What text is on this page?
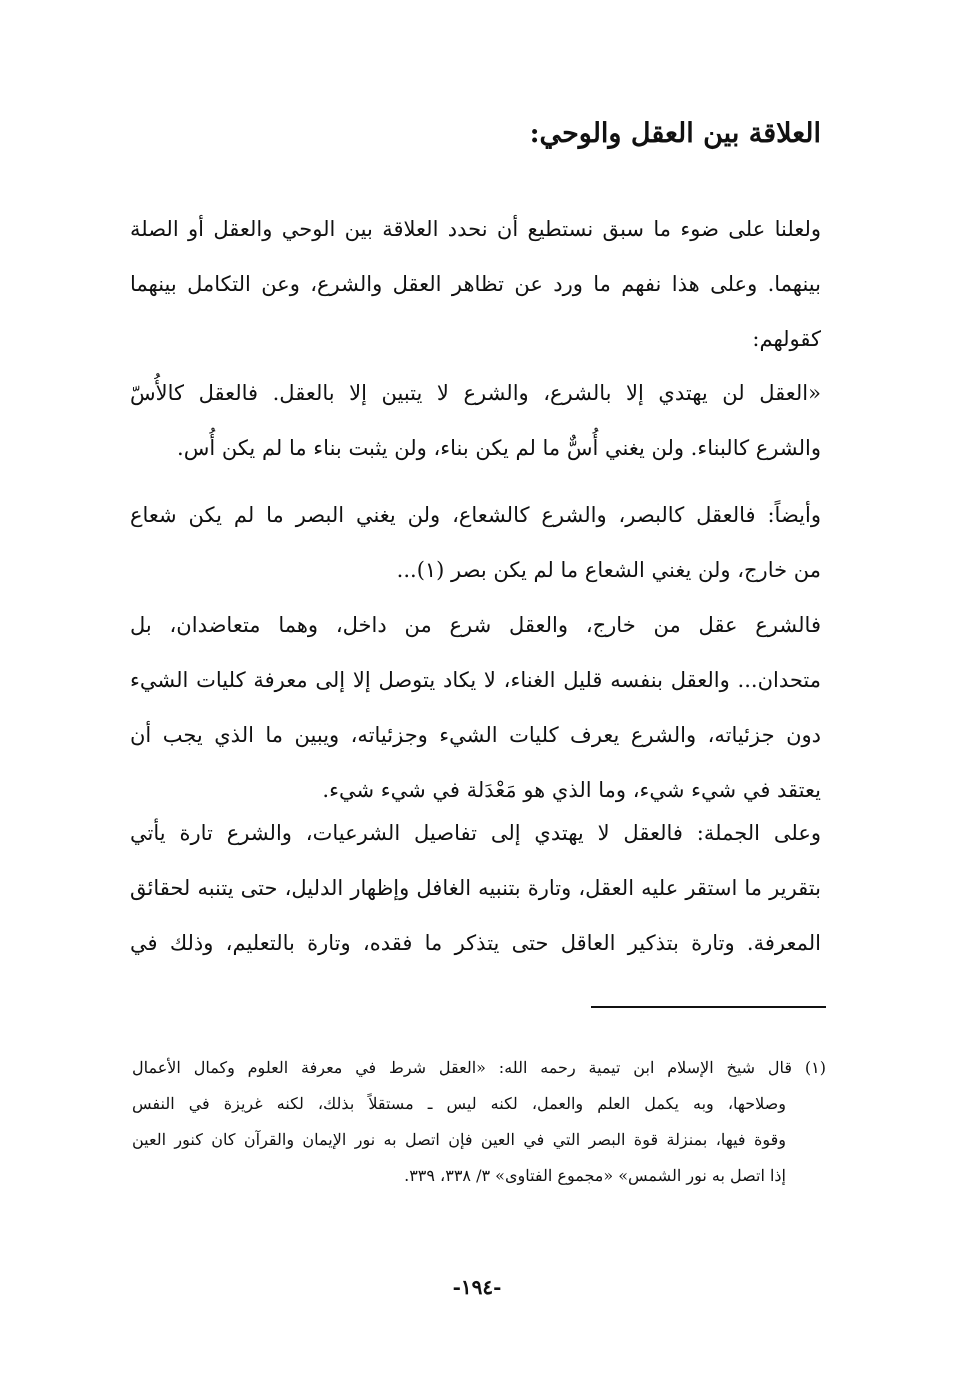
العلاقة بين العقل والوحي:
ولعلنا على ضوء ما سبق نستطيع أن نحدد العلاقة بين الوحي والعقل أو الصلة
بينهما. وعلى هذا نفهم ما ورد عن تظاهر العقل والشرع، وعن التكامل بينهما
كقولهم:
«العقل لن يهتدي إلا بالشرع، والشرع لا يتبين إلا بالعقل. فالعقل كالأُسّ
والشرع كالبناء. ولن يغني أُسٌّ ما لم يكن بناء، ولن يثبت بناء ما لم يكن أُس.
وأيضاً: فالعقل كالبصر، والشرع كالشعاع، ولن يغني البصر ما لم يكن شعاع
من خارج، ولن يغني الشعاع ما لم يكن بصر (١)...
فالشرع عقل من خارج، والعقل شرع من داخل، وهما متعاضدان، بل
متحدان... والعقل بنفسه قليل الغناء، لا يكاد يتوصل إلا إلى معرفة كليات الشيء
دون جزئياته، والشرع يعرف كليات الشيء وجزئياته، ويبين ما الذي يجب أن
يعتقد في شيء شيء، وما الذي هو مَعْدَلة في شيء شيء.
وعلى الجملة: فالعقل لا يهتدي إلى تفاصيل الشرعيات، والشرع تارة يأتي
بتقرير ما استقر عليه العقل، وتارة بتنبيه الغافل وإظهار الدليل، حتى يتنبه لحقائق
المعرفة. وتارة بتذكير العاقل حتى يتذكر ما فقده، وتارة بالتعليم، وذلك في
(١) قال شيخ الإسلام ابن تيمية رحمه الله: «العقل شرط في معرفة العلوم وكمال الأعمال
وصلاحها، وبه يكمل العلم والعمل، لكنه ليس ـ مستقلاً بذلك، لكنه غريزة في النفس
وقوة فيها، بمنزلة قوة البصر التي في العين فإن اتصل به نور الإيمان والقرآن كان كنور العين
إذا اتصل به نور الشمس» «مجموع الفتاوى» ٣/ ٣٣٨، ٣٣٩.
-١٩٤-
